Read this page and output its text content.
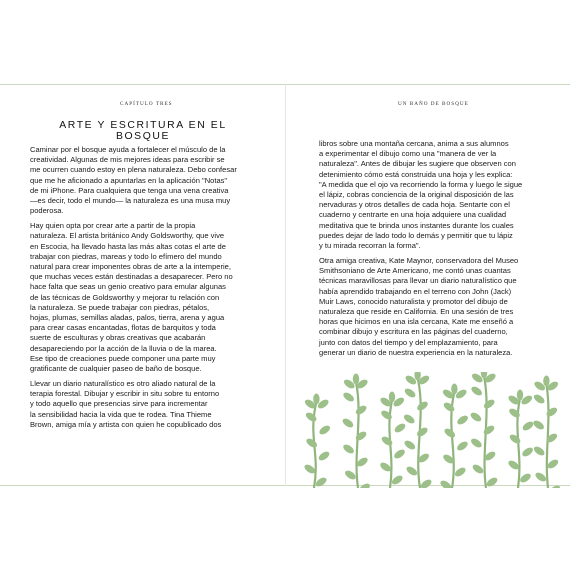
CAPÍTULO TRES	UN BAÑO DE BOSQUE
ARTE Y ESCRITURA EN EL BOSQUE

Caminar por el bosque ayuda a fortalecer el músculo de la
creatividad. Algunas de mis mejores ideas para escribir se
me ocurren cuando estoy en plena naturaleza. Debo confesar
que me he aficionado a apuntarlas en la aplicación "Notas"
de mi iPhone. Para cualquiera que tenga una vena creativa
—es decir, todo el mundo— la naturaleza es una musa muy
poderosa.

Hay quien opta por crear arte a partir de la propia
naturaleza. El artista británico Andy Goldsworthy, que vive
en Escocia, ha llevado hasta las más altas cotas el arte de
trabajar con piedras, mareas y todo lo efímero del mundo
natural para crear imponentes obras de arte a la intemperie,
que muchas veces están destinadas a desaparecer. Pero no
hace falta que seas un genio creativo para emular algunas
de las técnicas de Goldsworthy y mejorar tu relación con
la naturaleza. Se puede trabajar con piedras, pétalos,
hojas, plumas, semillas aladas, palos, tierra, arena y agua
para crear casas encantadas, flotas de barquitos y toda
suerte de esculturas y obras creativas que acabarán
desapareciendo por la acción de la lluvia o de la marea.
Ese tipo de creaciones puede componer una parte muy
gratificante de cualquier paseo de baño de bosque.

Llevar un diario naturalístico es otro aliado natural de la
terapia forestal. Dibujar y escribir in situ sobre tu entorno
y todo aquello que presencias sirve para incrementar
la sensibilidad hacia la vida que te rodea. Tina Thieme
Brown, amiga mía y artista con quien he copublicado dos

libros sobre una montaña cercana, anima a sus alumnos
a experimentar el dibujo como una "manera de ver la
naturaleza". Antes de dibujar les sugiere que observen con
detenimiento cómo está construida una hoja y les explica:
"A medida que el ojo va recorriendo la forma y luego le sigue
el lápiz, cobras conciencia de la original disposición de las
nervaduras y otros detalles de cada hoja. Sentarte con el
cuaderno y centrarte en una hoja adquiere una cualidad
meditativa que te brinda unos instantes durante los cuales
puedes dejar de lado todo lo demás y permitir que tu lápiz
y tu mirada recorran la forma".

Otra amiga creativa, Kate Maynor, conservadora del Museo
Smithsoniano de Arte Americano, me contó unas cuantas
técnicas maravillosas para llevar un diario naturalístico que
había aprendido trabajando en el terreno con John (Jack)
Muir Laws, conocido naturalista y promotor del dibujo de
naturaleza que reside en California. En una sesión de tres
horas que hicimos en una isla cercana, Kate me enseñó a
combinar dibujo y escritura en las páginas del cuaderno,
junto con datos del tiempo y del emplazamiento, para
generar un diario de nuestra experiencia en la naturaleza.
